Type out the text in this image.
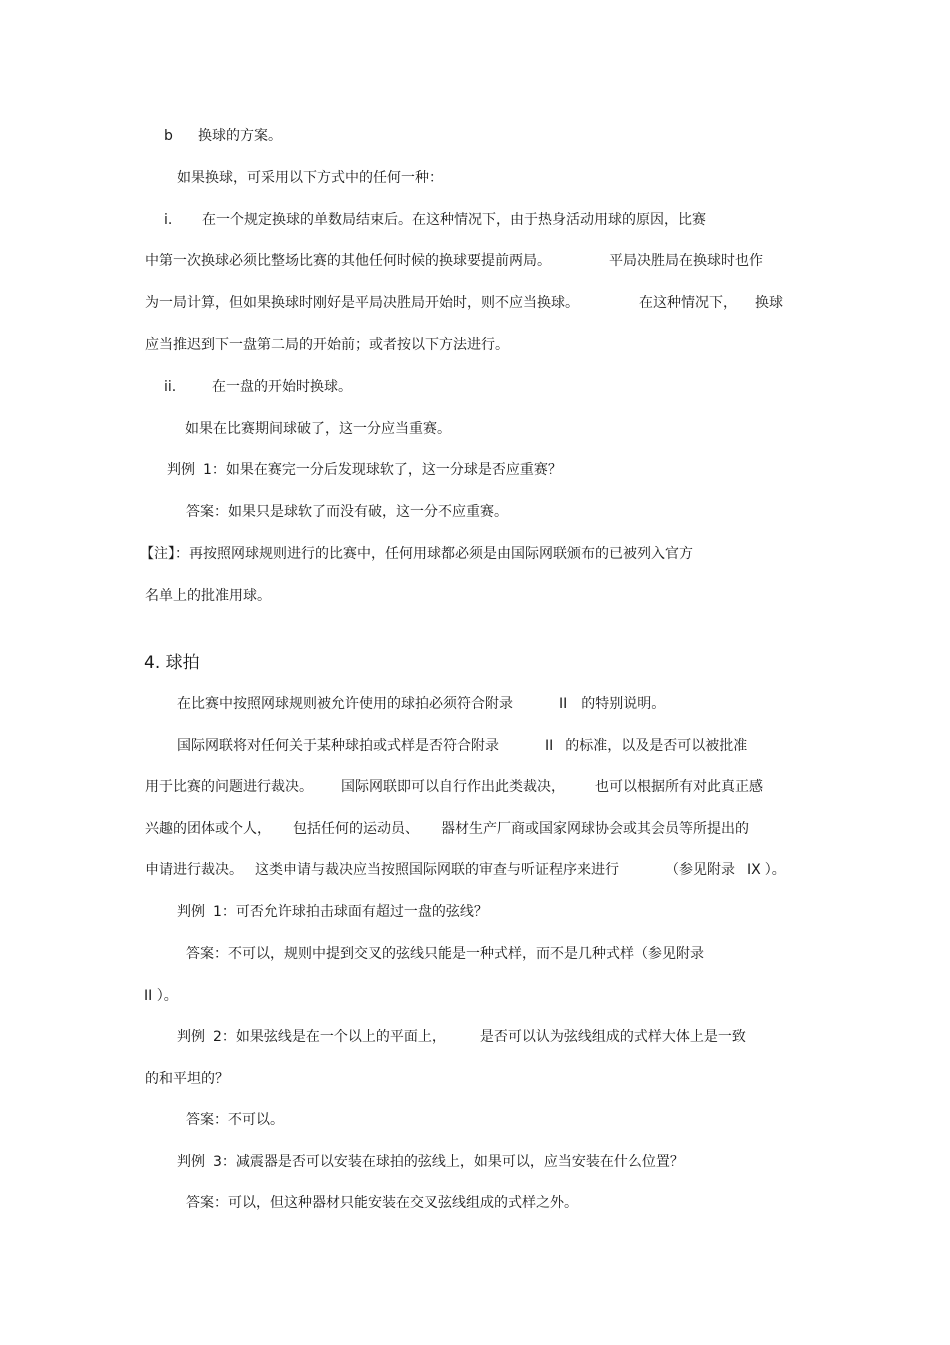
b 换球的方案。

如果换球，可采用以下方式中的任何一种：

i. 在一个规定换球的单数局结束后。在这种情况下，由于热身活动用球的原因，比赛

中第一次换球必须比整场比赛的其他任何时候的换球要提前两局。	平局决胜局在换球时也作

为一局计算，但如果换球时刚好是平局决胜局开始时，则不应当换球。	在这种情况下， 换球

应当推迟到下一盘第二局的开始前；或者按以下方法进行。

ii.	在一盘的开始时换球。

如果在比赛期间球破了，这一分应当重赛。

判例 1：如果在赛完一分后发现球软了，这一分球是否应重赛？

答案：如果只是球软了而没有破，这一分不应重赛。

【注】：再按照网球规则进行的比赛中，任何用球都必须是由国际网联颁布的已被列入官方

名单上的批准用球。

4. 球拍

在比赛中按照网球规则被允许使用的球拍必须符合附录	II 的特别说明。

国际网联将对任何关于某种球拍或式样是否符合附录	II 的标准，以及是否可以被批准

用于比赛的问题进行裁决。 国际网联即可以自行作出此类裁决， 也可以根据所有对此真正感

兴趣的团体或个人， 包括任何的运动员、 器材生产厂商或国家网球协会或其会员等所提出的

申请进行裁决。 这类申请与裁决应当按照国际网联的审查与听证程序来进行	（参见附录 IX ）。

判例 1：可否允许球拍击球面有超过一盘的弦线？

答案：不可以，规则中提到交叉的弦线只能是一种式样，而不是几种式样（参见附录

II ）。

判例 2：如果弦线是在一个以上的平面上， 是否可以认为弦线组成的式样大体上是一致

的和平坦的？

答案：不可以。

判例 3：减震器是否可以安装在球拍的弦线上，如果可以，应当安装在什么位置？

答案：可以，但这种器材只能安装在交叉弦线组成的式样之外。
